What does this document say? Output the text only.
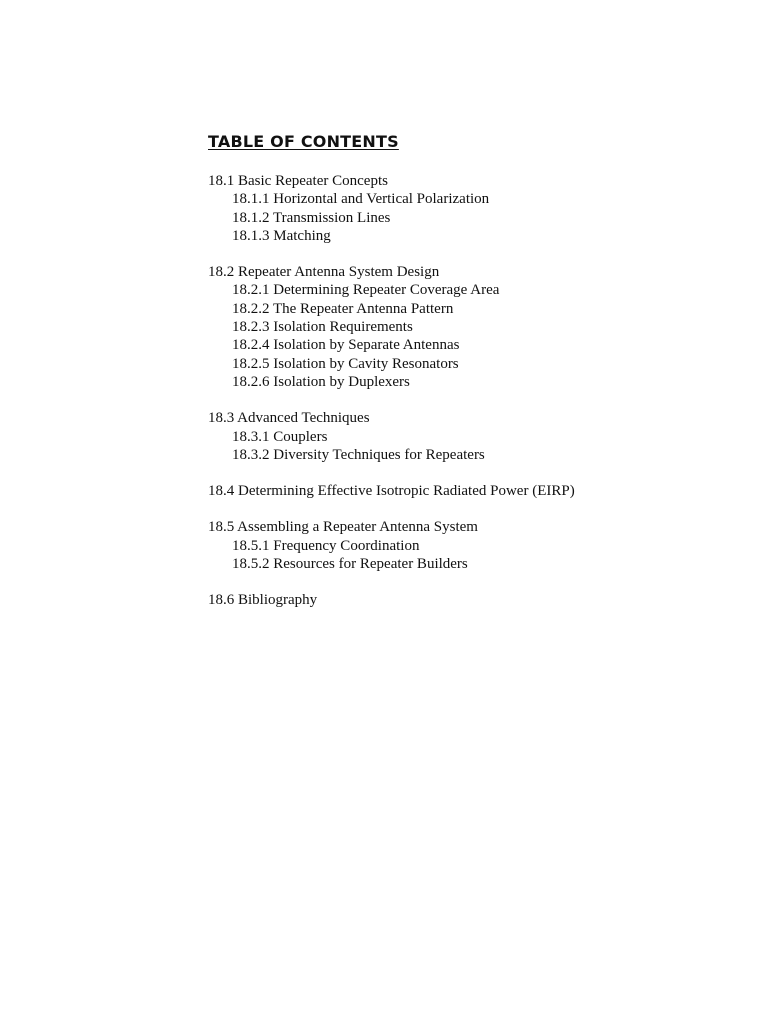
TABLE OF CONTENTS
18.1 Basic Repeater Concepts
18.1.1 Horizontal and Vertical Polarization
18.1.2 Transmission Lines
18.1.3 Matching
18.2 Repeater Antenna System Design
18.2.1 Determining Repeater Coverage Area
18.2.2 The Repeater Antenna Pattern
18.2.3 Isolation Requirements
18.2.4 Isolation by Separate Antennas
18.2.5 Isolation by Cavity Resonators
18.2.6 Isolation by Duplexers
18.3 Advanced Techniques
18.3.1 Couplers
18.3.2 Diversity Techniques for Repeaters
18.4 Determining Effective Isotropic Radiated Power (EIRP)
18.5 Assembling a Repeater Antenna System
18.5.1 Frequency Coordination
18.5.2 Resources for Repeater Builders
18.6 Bibliography
